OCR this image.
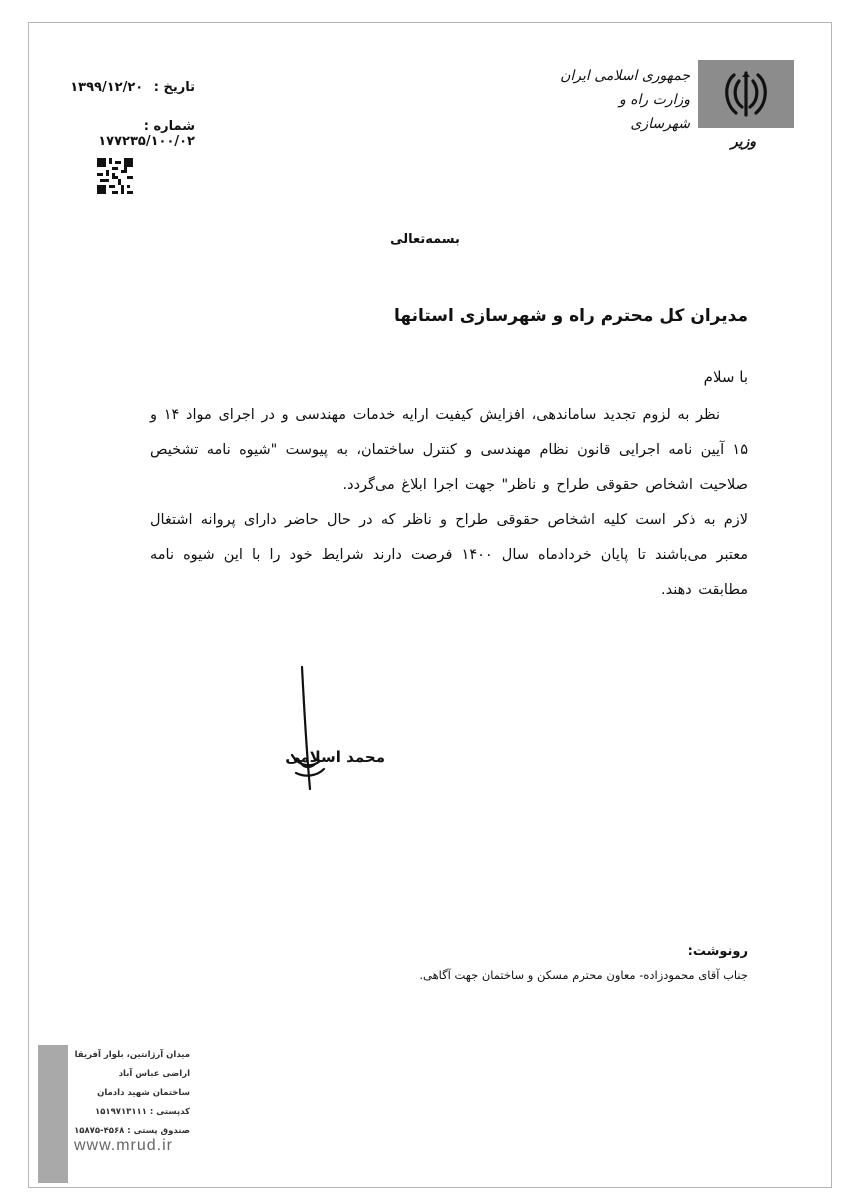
جمهوری اسلامی ایران
وزارت راه و شهرسازی
وزیر
تاریخ : ۱۳۹۹/۱۲/۲۰
شماره : ۱۷۷۲۳۵/۱۰۰/۰۲
بسمه‌تعالی
مدیران کل محترم راه و شهرسازی استانها
با سلام

نظر به لزوم تجدید ساماندهی، افزایش کیفیت ارایه خدمات مهندسی و در اجرای مواد ۱۴ و ۱۵ آیین نامه اجرایی قانون نظام مهندسی و کنترل ساختمان، به پیوست "شیوه نامه تشخیص صلاحیت اشخاص حقوقی طراح و ناظر" جهت اجرا ابلاغ می‌گردد.

لازم به ذکر است کلیه اشخاص حقوقی طراح و ناظر که در حال حاضر دارای پروانه اشتغال معتبر می‌باشند تا پایان خردادماه سال ۱۴۰۰ فرصت دارند شرایط خود را با این شیوه نامه مطابقت دهند.

محمد اسلامی
رونوشت:
جناب آقای محمودزاده- معاون محترم مسکن و ساختمان جهت آگاهی.
میدان آرژانتین، بلوار آفریقا
اراضی عباس آباد
ساختمان شهید دادمان
کدپستی : ۱۵۱۹۷۱۳۱۱۱
صندوق پستی : ۴۵۶۸-۱۵۸۷۵
www.mrud.ir
